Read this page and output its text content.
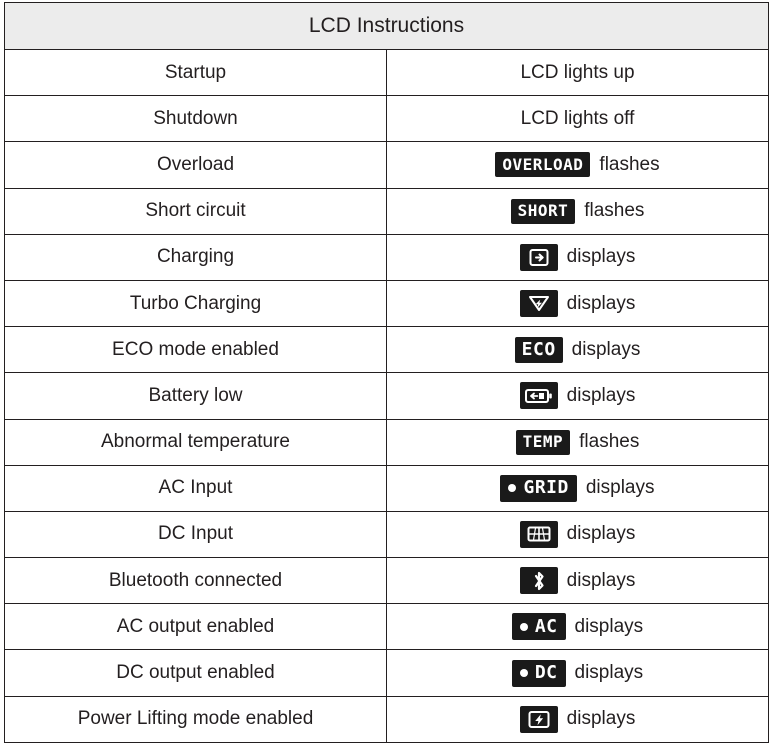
LCD Instructions	
Startup	LCD lights up

Shutdown	LCD lights off

Overload	OVERLOAD flashes

Short circuit	SHORT flashes

Charging	displays

Turbo Charging	displays

ECO mode enabled	ECO displays

Battery low	displays

Abnormal temperature	TEMP flashes

AC Input	GRID displays

DC Input	displays

Bluetooth connected	displays

AC output enabled	AC displays

DC output enabled	DC displays

Power Lifting mode enabled	displays
